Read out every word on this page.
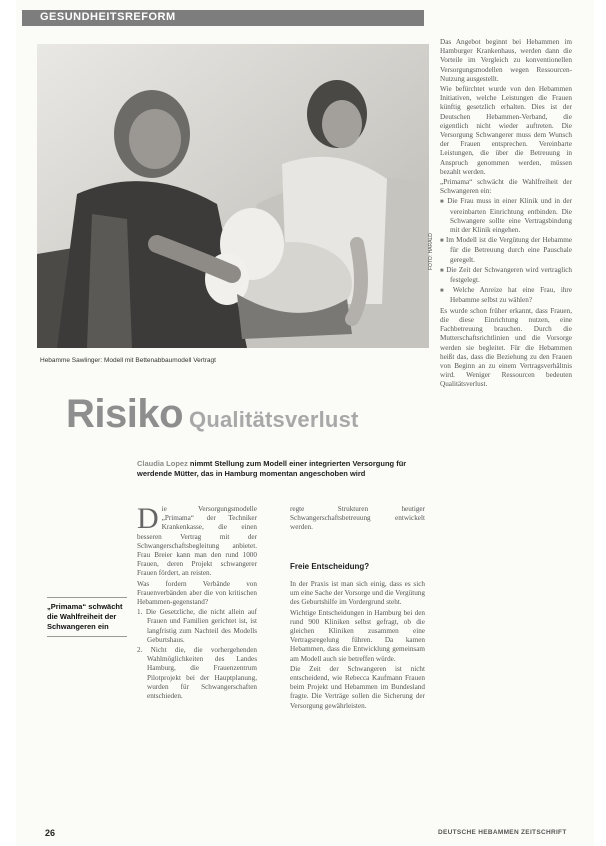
GESUNDHEITSREFORM
FOTO: HARALD
Hebamme Sawlinger: Modell mit Bettenabbaumodell Vertragt
Risiko Qualitätsverlust
Claudia Lopez nimmt Stellung zum Modell einer integrierten Versorgung für werdende Mütter, das in Hamburg momentan angeschoben wird
„Primama“ schwächt die Wahlfreiheit der Schwangeren ein
D ie Versorgungsmodelle „Primama“ der Techniker Krankenkasse, die einen besseren Vertrag mit der Schwangerschaftsbegleitung anbietet. Frau Breier kann man den rund 1000 Frauen, deren Projekt schwangerer Frauen fördert, an reisten.

Was fordern Verbände von Frauenverbänden aber die von kritischen Hebammen-gegenstand?

1. Die Gesetzliche, die nicht allein auf Frauen und Familien gerichtet ist, ist langfristig zum Nachteil des Modells Geburtshaus.

2. Nicht die, die vorhergehenden Wahlmöglichkeiten des Landes Hamburg, die Frauenzentrum Pilotprojekt bei der Hauptplanung, wurden für Schwangerschaften entschieden.

regte Strukturen heutiger Schwangerschaftsbetreuung entwickelt werden.

Freie Entscheidung?

In der Praxis ist man sich einig, dass es sich um eine Sache der Vorsorge und die Vergütung des Geburtshilfe im Vordergrund steht.

Wichtige Entscheidungen in Hamburg bei den rund 900 Kliniken selbst gefragt, ob die gleichen Kliniken zusammen eine Vertragsregelung führen. Da kamen Hebammen, dass die Entwicklung gemeinsam am Modell auch sie betreffen würde.

Die Zeit der Schwangeren ist nicht entscheidend, wie Rebecca Kaufmann Frauen beim Projekt und Hebammen im Bundesland fragte. Die Verträge sollen die Sicherung der Versorgung gewährleisten.

Das Angebot beginnt bei Hebammen im Hamburger Krankenhaus, werden dann die Vorteile im Vergleich zu konventionellen Versorgungsmodellen wegen Ressourcen-Nutzung ausgestellt.

Wie befürchtet wurde von den Hebammen Initiativen, welche Leistungen die Frauen künftig gesetzlich erhalten. Dies ist der Deutschen Hebammen-Verband, die eigentlich nicht wieder auftreten. Die Versorgung Schwangerer muss dem Wunsch der Frauen entsprechen. Vereinbarte Leistungen, die über die Betreuung in Anspruch genommen werden, müssen bezahlt werden.

„Primama“ schwächt die Wahlfreiheit der Schwangeren ein:

■ Die Frau muss in einer Klinik und in der vereinbarten Einrichtung entbinden. Die Schwangere sollte eine Vertragsbindung mit der Klinik eingehen.

■ Im Modell ist die Vergütung der Hebamme für die Betreuung durch eine Pauschale geregelt.

■ Die Zeit der Schwangeren wird vertraglich festgelegt.

■ Welche Anreize hat eine Frau, ihre Hebamme selbst zu wählen?

Es wurde schon früher erkannt, dass Frauen, die diese Einrichtung nutzen, eine Fachbetreuung brauchen. Durch die Mutterschaftsrichtlinien und die Vorsorge werden sie begleitet. Für die Hebammen heißt das, dass die Beziehung zu den Frauen von Beginn an zu einem Vertragsverhältnis wird. Weniger Ressourcen bedeuten Qualitätsverlust.

26	DEUTSCHE HEBAMMEN ZEITSCHRIFT
